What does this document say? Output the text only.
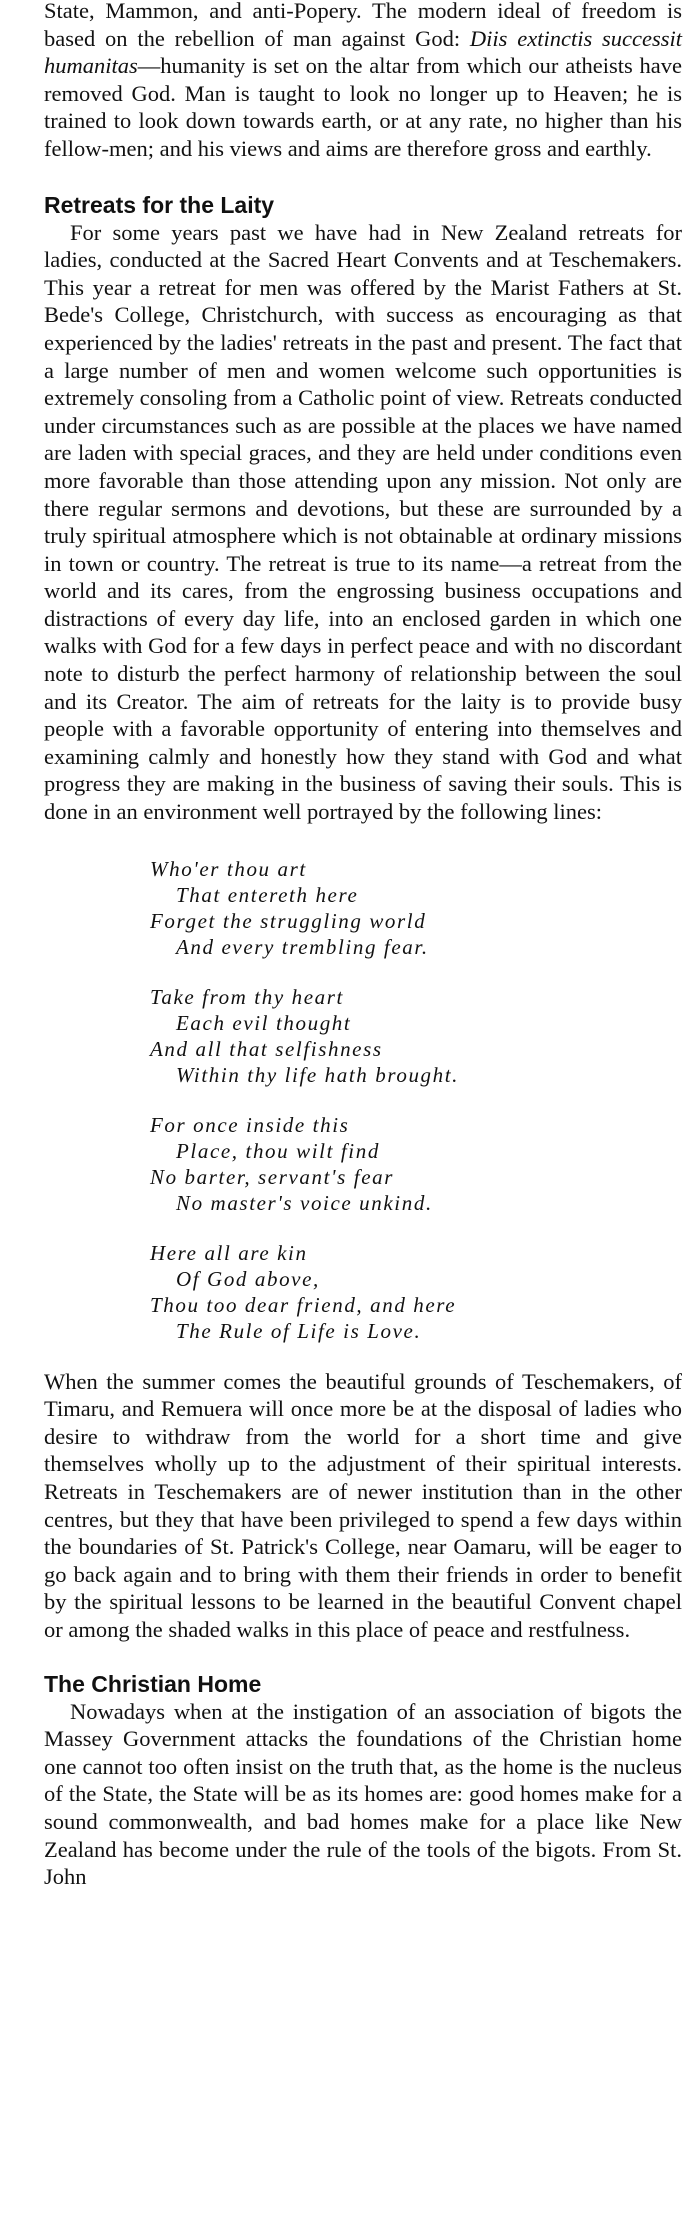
State, Mammon, and anti-Popery. The modern ideal of freedom is based on the rebellion of man against God: Diis extinctis successit humanitas—humanity is set on the altar from which our atheists have removed God. Man is taught to look no longer up to Heaven; he is trained to look down towards earth, or at any rate, no higher than his fellow-men; and his views and aims are therefore gross and earthly.

Retreats for the Laity

For some years past we have had in New Zealand retreats for ladies, conducted at the Sacred Heart Convents and at Teschemakers. This year a retreat for men was offered by the Marist Fathers at St. Bede's College, Christchurch, with success as encouraging as that experienced by the ladies' retreats in the past and present. The fact that a large number of men and women welcome such opportunities is extremely consoling from a Catholic point of view. Retreats conducted under circumstances such as are possible at the places we have named are laden with special graces, and they are held under conditions even more favorable than those attending upon any mission. Not only are there regular sermons and devotions, but these are surrounded by a truly spiritual atmosphere which is not obtainable at ordinary missions in town or country. The retreat is true to its name—a retreat from the world and its cares, from the engrossing business occupations and distractions of every day life, into an enclosed garden in which one walks with God for a few days in perfect peace and with no discordant note to disturb the perfect harmony of relationship between the soul and its Creator. The aim of retreats for the laity is to provide busy people with a favorable opportunity of entering into themselves and examining calmly and honestly how they stand with God and what progress they are making in the business of saving their souls. This is done in an environment well portrayed by the following lines:

Who'er thou art
That entereth here
Forget the struggling world
And every trembling fear.
Take from thy heart
Each evil thought
And all that selfishness
Within thy life hath brought.
For once inside this
Place, thou wilt find
No barter, servant's fear
No master's voice unkind.
Here all are kin
Of God above,
Thou too dear friend, and here
The Rule of Life is Love.

When the summer comes the beautiful grounds of Teschemakers, of Timaru, and Remuera will once more be at the disposal of ladies who desire to withdraw from the world for a short time and give themselves wholly up to the adjustment of their spiritual interests. Retreats in Teschemakers are of newer institution than in the other centres, but they that have been privileged to spend a few days within the boundaries of St. Patrick's College, near Oamaru, will be eager to go back again and to bring with them their friends in order to benefit by the spiritual lessons to be learned in the beautiful Convent chapel or among the shaded walks in this place of peace and restfulness.

The Christian Home

Nowadays when at the instigation of an association of bigots the Massey Government attacks the foundations of the Christian home one cannot too often insist on the truth that, as the home is the nucleus of the State, the State will be as its homes are: good homes make for a sound commonwealth, and bad homes make for a place like New Zealand has become under the rule of the tools of the bigots. From St. John
